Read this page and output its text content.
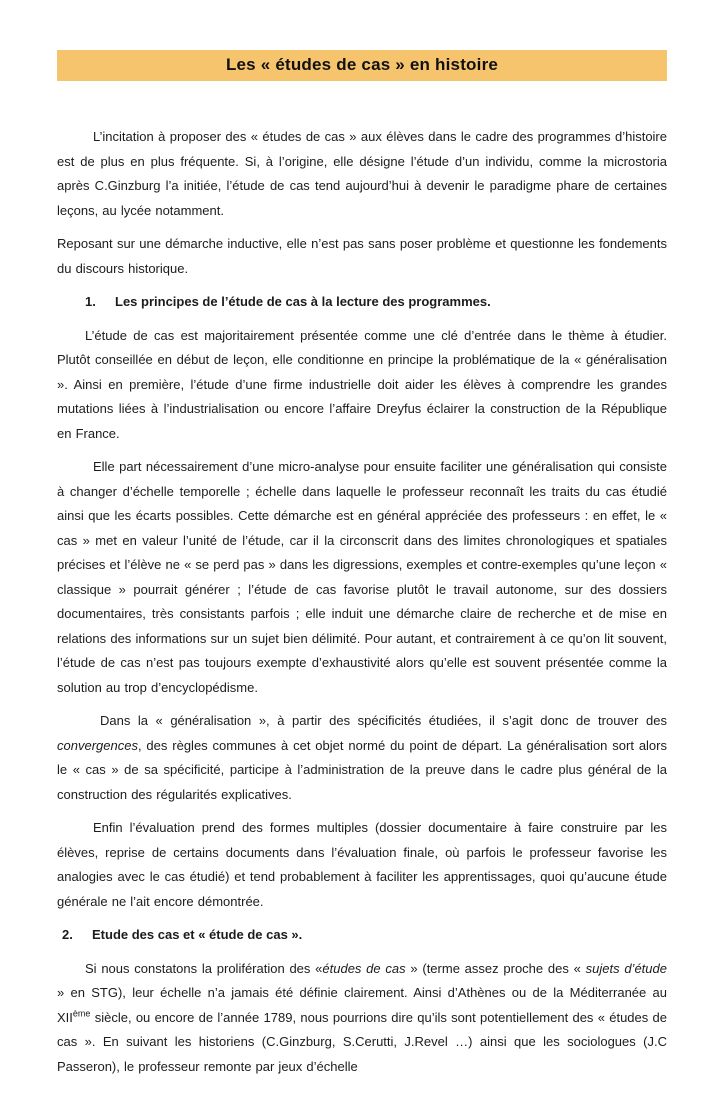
Les « études de cas » en histoire
L’incitation à proposer des « études de cas » aux élèves dans le cadre des programmes d’histoire est de plus en plus fréquente. Si, à l’origine, elle désigne l’étude d’un individu, comme la microstoria après C.Ginzburg l’a initiée, l’étude de cas tend aujourd’hui à devenir le paradigme phare de certaines leçons, au lycée notamment.
Reposant sur une démarche inductive, elle n’est pas sans poser problème et questionne les fondements du discours historique.
1. Les principes de l’étude de cas à la lecture des programmes.
L’étude de cas est majoritairement présentée comme une clé d’entrée dans le thème à étudier. Plutôt conseillée en début de leçon, elle conditionne en principe la problématique de la « généralisation ». Ainsi en première, l’étude d’une firme industrielle doit aider les élèves à comprendre les grandes mutations liées à l’industrialisation ou encore l’affaire Dreyfus éclairer la construction de la République en France.
Elle part nécessairement d’une micro-analyse pour ensuite faciliter une généralisation qui consiste à changer d’échelle temporelle ; échelle dans laquelle le professeur reconnaît les traits du cas étudié ainsi que les écarts possibles. Cette démarche est en général appréciée des professeurs : en effet, le « cas » met en valeur l’unité de l’étude, car il la circonscrit dans des limites chronologiques et spatiales précises et l’élève ne « se perd pas » dans les digressions, exemples et contre-exemples qu’une leçon « classique » pourrait générer ; l’étude de cas favorise plutôt le travail autonome, sur des dossiers documentaires, très consistants parfois ; elle induit une démarche claire de recherche et de mise en relations des informations sur un sujet bien délimité. Pour autant, et contrairement à ce qu’on lit souvent, l’étude de cas n’est pas toujours exempte d’exhaustivité alors qu’elle est souvent présentée comme la solution au trop d’encyclopédisme.
Dans la « généralisation », à partir des spécificités étudiées, il s’agit donc de trouver des convergences, des règles communes à cet objet normé du point de départ. La généralisation sort alors le « cas » de sa spécificité, participe à l’administration de la preuve dans le cadre plus général de la construction des régularités explicatives.
Enfin l’évaluation prend des formes multiples (dossier documentaire à faire construire par les élèves, reprise de certains documents dans l’évaluation finale, où parfois le professeur favorise les analogies avec le cas étudié) et tend probablement à faciliter les apprentissages, quoi qu’aucune étude générale ne l’ait encore démontrée.
2. Etude des cas et « étude de cas ».
Si nous constatons la prolifération des «études de cas » (terme assez proche des « sujets d’étude » en STG), leur échelle n’a jamais été définie clairement. Ainsi d’Athènes ou de la Méditerranée au XIIème siècle, ou encore de l’année 1789, nous pourrions dire qu’ils sont potentiellement des « études de cas ». En suivant les historiens (C.Ginzburg, S.Cerutti, J.Revel …) ainsi que les sociologues (J.C Passeron), le professeur remonte par jeux d’échelle
